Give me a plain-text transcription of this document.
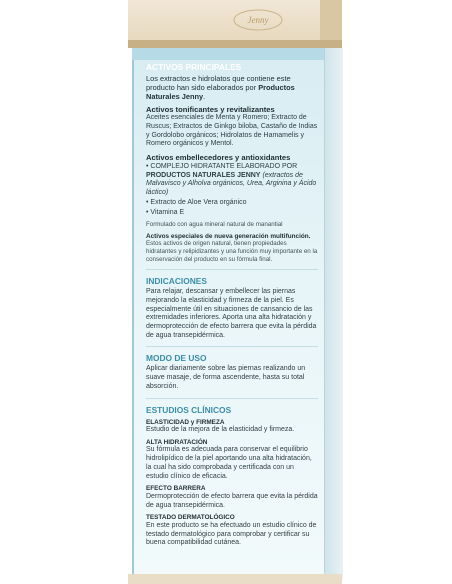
Jenny
ACTIVOS PRINCIPALES
Los extractos e hidrolatos que contiene este producto han sido elaborados por Productos Naturales Jenny.
Activos tonificantes y revitalizantes
Aceites esenciales de Menta y Romero; Extracto de Ruscus; Extractos de Ginkgo biloba, Castaño de Indias y Gordolobo orgánicos; Hidrolatos de Hamamelis y Romero orgánicos y Mentol.
Activos embellecedores y antioxidantes
• COMPLEJO HIDRATANTE ELABORADO POR PRODUCTOS NATURALES JENNY (extractos de Malvavisco y Alholva orgánicos, Urea, Arginina y Ácido láctico)
• Extracto de Aloe Vera orgánico
• Vitamina E
Formulado con agua mineral natural de manantial
Activos especiales de nueva generación multifunción.
Estos activos de origen natural, tienen propiedades hidratantes y relipidizantes y una función muy importante en la conservación del producto en su fórmula final.
INDICACIONES
Para relajar, descansar y embellecer las piernas mejorando la elasticidad y firmeza de la piel. Es especialmente útil en situaciones de cansancio de las extremidades inferiores. Aporta una alta hidratación y dermoprotección de efecto barrera que evita la pérdida de agua transepidérmica.
MODO DE USO
Aplicar diariamente sobre las piernas realizando un suave masaje, de forma ascendente, hasta su total absorción.
ESTUDIOS CLÍNICOS
ELASTICIDAD y FIRMEZA
Estudio de la mejora de la elasticidad y firmeza.
ALTA HIDRATACIÓN
Su fórmula es adecuada para conservar el equilibrio hidrolipídico de la piel aportando una alta hidratación, la cual ha sido comprobada y certificada con un estudio clínico de eficacia.
EFECTO BARRERA
Dermoprotección de efecto barrera que evita la pérdida de agua transepidérmica.
TESTADO DERMATOLÓGICO
En este producto se ha efectuado un estudio clínico de testado dermatológico para comprobar y certificar su buena compatibilidad cutánea.
